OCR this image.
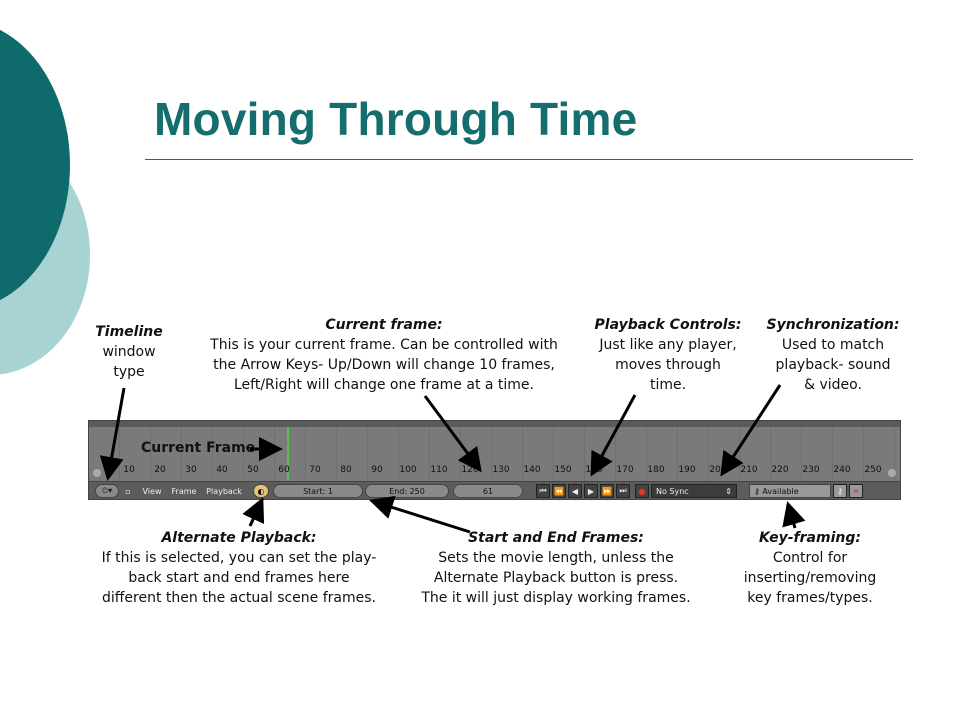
Moving Through Time
Timeline
window
type
Current frame:
This is your current frame. Can be controlled with
the Arrow Keys- Up/Down will change 10 frames,
Left/Right will change one frame at a time.
Playback Controls:
Just like any player,
moves through
time.
Synchronization:
Used to match
playback- sound
& video.
Current Frame
10 20 30 40 50 60 70 80 90 100 110 120 130 140 150 160 170 180 190 200 210 220 230 240 250
⏲▾	▫	View	Frame	Playback	◐	Start: 1	End: 250	61	⏮ ⏪ ◀	▶ ⏩ ⏭	●	No Sync	⇕	⚷ Available	⚷	✕
Alternate Playback:
If this is selected, you can set the play-
back start and end frames here
different then the actual scene frames.
Start and End Frames:
Sets the movie length, unless the
Alternate Playback button is press.
The it will just display working frames.
Key-framing:
Control for
inserting/removing
key frames/types.
